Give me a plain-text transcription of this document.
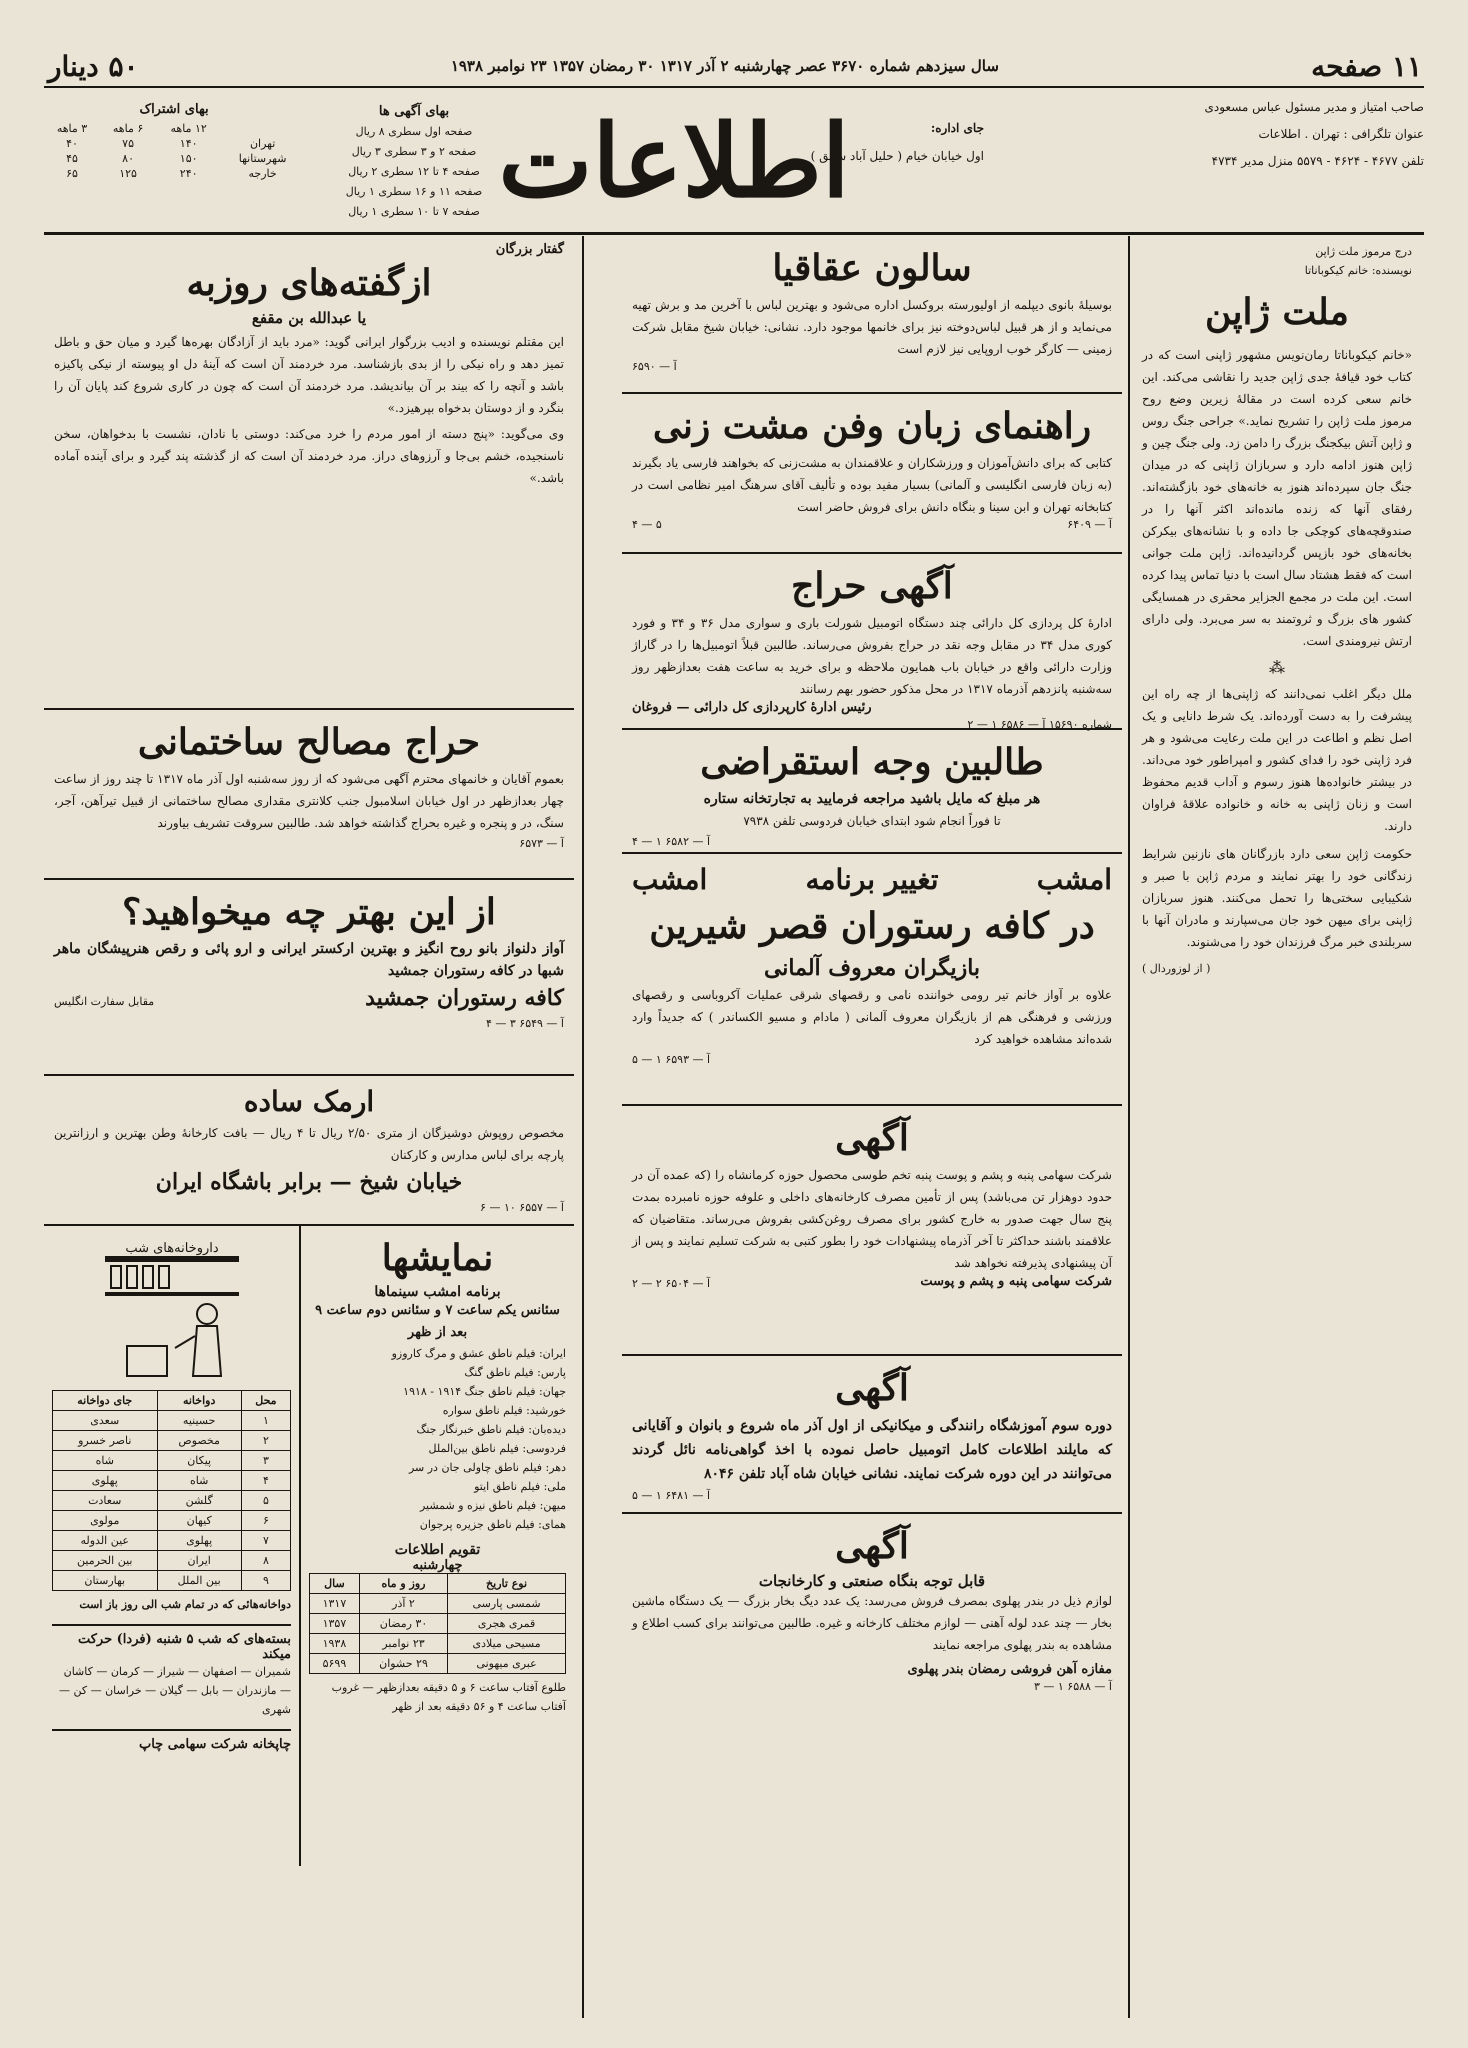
۱۱ صفحه
سال سیزدهم شماره ۳۶۷۰ عصر چهارشنبه ۲ آذر ۱۳۱۷ ۳۰ رمضان ۱۳۵۷ ۲۳ نوامبر ۱۹۳۸
۵۰ دینار
صاحب امتیاز و مدیر مسئول عباس مسعودی
عنوان تلگرافی : تهران . اطلاعات
تلفن ۴۶۷۷ - ۴۶۲۴ - ۵۵۷۹ منزل مدیر ۴۷۳۴
جای اداره:
اول خیابان خیام ( حلیل آباد سابق )
اطلاعات
بهای آگهی ها
صفحه اول سطری ۸ ریال
صفحه ۲ و ۳ سطری ۳ ریال
صفحه ۴ تا ۱۲ سطری ۲ ریال
صفحه ۱۱ و ۱۶ سطری ۱ ریال
صفحه ۷ تا ۱۰ سطری ۱ ریال
بهای اشتراک
	۱۲ ماهه	۶ ماهه	۳ ماهه
تهران	۱۴۰	۷۵	۴۰
شهرستانها	۱۵۰	۸۰	۴۵
خارجه	۲۴۰	۱۲۵	۶۵
درج مرموز ملت ژاپن
نویسنده: خانم کیکوباناتا
ملت ژاپن
«خانم کیکوباناتا رمان‌نویس مشهور ژاپنی است که در کتاب خود قیافهٔ جدی ژاپن جدید را نقاشی می‌کند. این خانم سعی کرده است در مقالهٔ زیرین وضع روح مرموز ملت ژاپن را تشریح نماید.» جراحی جنگ روس و ژاپن آتش بیکجنگ بزرگ را دامن زد. ولی جنگ چین و ژاپن هنوز ادامه دارد و سربازان ژاپنی که در میدان جنگ جان سپرده‌اند هنوز به خانه‌های خود بازگشته‌اند. رفقای آنها که زنده مانده‌اند اکثر آنها را در صندوقچه‌های کوچکی جا داده و با نشانه‌های بیکرکن بخانه‌های خود بازپس گردانیده‌اند. ژاپن ملت جوانی است که فقط هشتاد سال است با دنیا تماس پیدا کرده است. این ملت در مجمع الجزایر محقری در همسایگی کشور های بزرگ و ثروتمند به سر می‌برد. ولی دارای ارتش نیرومندی است.
⁂
ملل دیگر اغلب نمی‌دانند که ژاپنی‌ها از چه راه این پیشرفت را به دست آورده‌اند. یک شرط دانایی و یک اصل نظم و اطاعت در این ملت رعایت می‌شود و هر فرد ژاپنی خود را فدای کشور و امپراطور خود می‌داند. در بیشتر خانواده‌ها هنوز رسوم و آداب قدیم محفوظ است و زنان ژاپنی به خانه و خانواده علاقهٔ فراوان دارند.
حکومت ژاپن سعی دارد بازرگانان های نازنین شرایط زندگانی خود را بهتر نمایند و مردم ژاپن با صبر و شکیبایی سختی‌ها را تحمل می‌کنند. هنوز سربازان ژاپنی برای میهن خود جان می‌سپارند و مادران آنها با سربلندی خبر مرگ فرزندان خود را می‌شنوند.
( از لوزوردال )
سالون عقاقیا
بوسیلهٔ بانوی دیپلمه از اولیورسته بروکسل اداره می‌شود و بهترین لباس با آخرین مد و برش تهیه می‌نماید و از هر قبیل لباس‌دوخته نیز برای خانمها موجود دارد. نشانی: خیابان شیخ مقابل شرکت زمینی — کارگر خوب اروپایی نیز لازم است
آ — ۶۵۹۰
راهنمای زبان وفن مشت زنی
کتابی که برای دانش‌آموزان و ورزشکاران و علاقمندان به مشت‌زنی که بخواهند فارسی یاد بگیرند (به زبان فارسی انگلیسی و آلمانی) بسیار مفید بوده و تألیف آقای سرهنگ امیر نظامی است در کتابخانه تهران و ابن سینا و بنگاه دانش برای فروش حاضر است
آ — ۶۴۰۹
۵ — ۴
آگهی حراج
ادارهٔ کل پردازی کل دارائی چند دستگاه اتومبیل شورلت باری و سواری مدل ۳۶ و ۳۴ و فورد کوری مدل ۳۴ در مقابل وجه نقد در حراج بفروش می‌رساند. طالبین قبلاً اتومبیل‌ها را در گاراژ وزارت دارائی واقع در خیابان باب همایون ملاحظه و برای خرید به ساعت هفت بعدازظهر روز سه‌شنبه پانزدهم آذرماه ۱۳۱۷ در محل مذکور حضور بهم رسانند
رئیس ادارهٔ کارپردازی کل دارائی — فروغان
شماره ۱۵۶۹۰ آ — ۶۵۸۶ ۱ — ۲
طالبین وجه استقراضی
هر مبلغ که مایل باشید مراجعه فرمایید به تجارتخانه ستاره
تا فوراً انجام شود ابتدای خیابان فردوسی تلفن ۷۹۳۸
آ — ۶۵۸۲ ۱ — ۴
امشب
تغییر برنامه
امشب
در کافه رستوران قصر شیرین
بازیگران معروف آلمانی
علاوه بر آواز خانم تیر رومی خواننده نامی و رقصهای شرقی عملیات آکروباسی و رقصهای ورزشی و فرهنگی هم از بازیگران معروف آلمانی ( مادام و مسیو الکساندر ) که جدیداً وارد شده‌اند مشاهده خواهید کرد
آ — ۶۵۹۳ ۱ — ۵
آگهی
شرکت سهامی پنبه و پشم و پوست پنبه تخم طوسی محصول حوزه کرمانشاه را (که عمده آن در حدود دوهزار تن می‌باشد) پس از تأمین مصرف کارخانه‌های داخلی و علوفه حوزه نامبرده بمدت پنج سال جهت صدور به خارج کشور برای مصرف روغن‌کشی بفروش می‌رساند. متقاضیان که علاقمند باشند حداکثر تا آخر آذرماه پیشنهادات خود را بطور کتبی به شرکت تسلیم نمایند و پس از آن پیشنهادی پذیرفته نخواهد شد
شرکت سهامی پنبه و پشم و پوست
آ — ۶۵۰۴ ۲ — ۲
آگهی
دوره سوم آموزشگاه رانندگی و میکانیکی از اول آذر ماه شروع و بانوان و آقایانی که مایلند اطلاعات کامل اتومبیل حاصل نموده با اخذ گواهی‌نامه نائل گردند می‌توانند در این دوره شرکت نمایند. نشانی خیابان شاه آباد تلفن ۸۰۴۶
آ — ۶۴۸۱ ۱ — ۵
آگهی
قابل توجه بنگاه صنعتی و کارخانجات
لوازم ذیل در بندر پهلوی بمصرف فروش می‌رسد: یک عدد دیگ بخار بزرگ — یک دستگاه ماشین بخار — چند عدد لوله آهنی — لوازم مختلف کارخانه و غیره. طالبین می‌توانند برای کسب اطلاع و مشاهده به بندر پهلوی مراجعه نمایند
مفازه آهن فروشی رمضان بندر پهلوی
آ — ۶۵۸۸ ۱ — ۳
گفتار بزرگان
ازگفته‌های روزبه
یا عبدالله بن مقفع
این مقتلم نویسنده و ادیب بزرگوار ایرانی گوید: «مرد باید از آزادگان بهره‌ها گیرد و میان حق و باطل تمیز دهد و راه نیکی را از بدی بازشناسد. مرد خردمند آن است که آینهٔ دل او پیوسته از نیکی پاکیزه باشد و آنچه را که بیند بر آن بیاندیشد. مرد خردمند آن است که چون در کاری شروع کند پایان آن را بنگرد و از دوستان بدخواه بپرهیزد.»
وی می‌گوید: «پنج دسته از امور مردم را خرد می‌کند: دوستی با نادان، نشست با بدخواهان، سخن ناسنجیده، خشم بی‌جا و آرزوهای دراز. مرد خردمند آن است که از گذشته پند گیرد و برای آینده آماده باشد.»
حراج مصالح ساختمانی
بعموم آقایان و خانمهای محترم آگهی می‌شود که از روز سه‌شنبه اول آذر ماه ۱۳۱۷ تا چند روز از ساعت چهار بعدازظهر در اول خیابان اسلامبول جنب کلانتری مقداری مصالح ساختمانی از قبیل تیرآهن، آجر، سنگ، در و پنجره و غیره بحراج گذاشته خواهد شد. طالبین سروقت تشریف بیاورند
آ — ۶۵۷۳
از این بهتر چه میخواهید؟
آواز دلنواز بانو روح انگیز و بهترین ارکستر ایرانی و ارو پائی و رقص هنرپیشگان ماهر شبها در کافه رستوران جمشید
کافه رستوران جمشید
مقابل سفارت انگلیس
آ — ۶۵۴۹ ۳ — ۴
ارمک ساده
مخصوص روپوش دوشیزگان از متری ۲/۵۰ ریال تا ۴ ریال — بافت کارخانهٔ وطن بهترین و ارزانترین پارچه برای لباس مدارس و کارکنان
خیابان شیخ — برابر باشگاه ایران
آ — ۶۵۵۷ ۱۰ — ۶
نمایشها
برنامه امشب سینماها
سئانس یکم ساعت ۷ و سئانس دوم ساعت ۹ بعد از ظهر
ایران: فیلم ناطق عشق و مرگ کاروزو
پارس: فیلم ناطق گنگ
جهان: فیلم ناطق جنگ ۱۹۱۴ - ۱۹۱۸
خورشید: فیلم ناطق سواره
دیده‌بان: فیلم ناطق خبرنگار جنگ
فردوسی: فیلم ناطق بین‌الملل
دهر: فیلم ناطق چاولی جان در سر
ملی: فیلم ناطق ایتو
میهن: فیلم ناطق نیزه و شمشیر
همای: فیلم ناطق جزیره پرجوان
تقویم اطلاعات
چهارشنبه
نوع تاریخ	روز و ماه	سال
شمسی پارسی	۲ آذر	۱۳۱۷
قمری هجری	۳۰ رمضان	۱۳۵۷
مسیحی میلادی	۲۳ نوامبر	۱۹۳۸
عبری میهونی	۲۹ حشوان	۵۶۹۹
طلوع آفتاب ساعت ۶ و ۵ دقیقه بعدازظهر — غروب آفتاب ساعت ۴ و ۵۶ دقیقه بعد از ظهر
داروخانه‌های شب
محل	دواخانه	جای دواخانه
۱	حسینیه	سعدی
۲	مخصوص	ناصر خسرو
۳	پیکان	شاه
۴	شاه	پهلوی
۵	گلشن	سعادت
۶	کیهان	مولوی
۷	پهلوی	عین الدوله
۸	ایران	بین الحرمین
۹	بین الملل	بهارستان
دواخانه‌هائی که در تمام شب الی روز باز است
بسته‌های که شب ۵ شنبه (فردا) حرکت میکند
شمیران — اصفهان — شیراز — کرمان — کاشان — مازندران — بابل — گیلان — خراسان — کن — شهری
چاپخانه شرکت سهامی چاپ
